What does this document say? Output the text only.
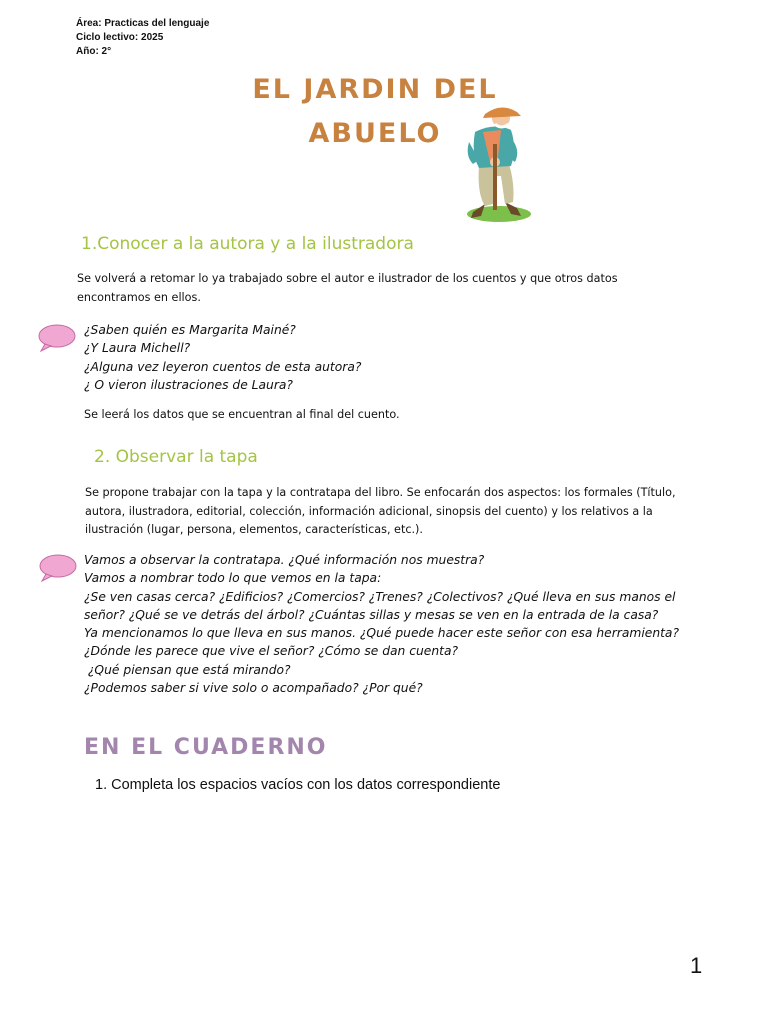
Área: Practicas del lenguaje
Ciclo lectivo: 2025
Año: 2°
EL JARDIN DEL
ABUELO
1.Conocer a la autora y a la ilustradora
Se volverá a retomar lo ya trabajado sobre el autor e ilustrador de los cuentos y que otros datos
encontramos en ellos.
¿Saben quién es Margarita Mainé?
¿Y Laura Michell?
¿Alguna vez leyeron cuentos de esta autora?
¿ O vieron ilustraciones de Laura?
Se leerá los datos que se encuentran al final del cuento.
2. Observar la tapa
Se propone trabajar con la tapa y la contratapa del libro. Se enfocarán dos aspectos: los formales (Título,
autora, ilustradora, editorial, colección, información adicional, sinopsis del cuento) y los relativos a la
ilustración (lugar, persona, elementos, características, etc.).
Vamos a observar la contratapa. ¿Qué información nos muestra?
Vamos a nombrar todo lo que vemos en la tapa:
¿Se ven casas cerca? ¿Edificios? ¿Comercios? ¿Trenes? ¿Colectivos? ¿Qué lleva en sus manos el
señor? ¿Qué se ve detrás del árbol? ¿Cuántas sillas y mesas se ven en la entrada de la casa?
Ya mencionamos lo que lleva en sus manos. ¿Qué puede hacer este señor con esa herramienta?
¿Dónde les parece que vive el señor? ¿Cómo se dan cuenta?
¿Qué piensan que está mirando?
¿Podemos saber si vive solo o acompañado? ¿Por qué?
EN EL CUADERNO
1. Completa los espacios vacíos con los datos correspondiente
1
